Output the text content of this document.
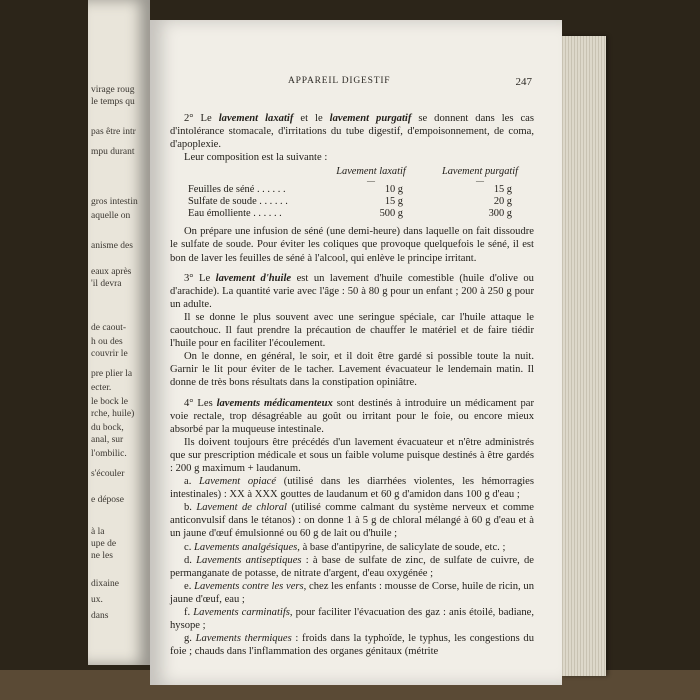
virage roug
le temps qu
pas être intr
mpu durant
gros intestin
aquelle on
anisme des
eaux après
'il devra
de caout-
h ou des
couvrir le
pre plier la
ecter.
le bock le
rche, huile)
du bock,
anal, sur
l'ombilic.
s'écouler
e dépose
à la
upe de
ne les
dixaine
ux.
dans
APPAREIL DIGESTIF	247

2° Le lavement laxatif et le lavement purgatif se donnent dans les cas d'intolérance stomacale, d'irritations du tube digestif, d'empoisonnement, de coma, d'apoplexie.

Leur composition est la suivante :

	Lavement laxatif	Lavement purgatif
	—	—
Feuilles de séné . . . . . .	10 g	15 g
Sulfate de soude . . . . . .	15 g	20 g
Eau émolliente . . . . . .	500 g	300 g

On prépare une infusion de séné (une demi-heure) dans laquelle on fait dissoudre le sulfate de soude. Pour éviter les coliques que provoque quelquefois le séné, il est bon de laver les feuilles de séné à l'alcool, qui enlève le principe irritant.

3° Le lavement d'huile est un lavement d'huile comestible (huile d'olive ou d'arachide). La quantité varie avec l'âge : 50 à 80 g pour un enfant ; 200 à 250 g pour un adulte.

Il se donne le plus souvent avec une seringue spéciale, car l'huile attaque le caoutchouc. Il faut prendre la précaution de chauffer le matériel et de faire tiédir l'huile pour en faciliter l'écoulement.

On le donne, en général, le soir, et il doit être gardé si possible toute la nuit. Garnir le lit pour éviter de le tacher. Lavement évacuateur le lendemain matin. Il donne de très bons résultats dans la constipation opiniâtre.

4° Les lavements médicamenteux sont destinés à introduire un médicament par voie rectale, trop désagréable au goût ou irritant pour le foie, ou encore mieux absorbé par la muqueuse intestinale.

Ils doivent toujours être précédés d'un lavement évacuateur et n'être administrés que sur prescription médicale et sous un faible volume puisque destinés à être gardés : 200 g maximum + laudanum.

a. Lavement opiacé (utilisé dans les diarrhées violentes, les hémorragies intestinales) : XX à XXX gouttes de laudanum et 60 g d'amidon dans 100 g d'eau ;

b. Lavement de chloral (utilisé comme calmant du système nerveux et comme anticonvulsif dans le tétanos) : on donne 1 à 5 g de chloral mélangé à 60 g d'eau et à un jaune d'œuf émulsionné ou 60 g de lait ou d'huile ;

c. Lavements analgésiques, à base d'antipyrine, de salicylate de soude, etc. ;

d. Lavements antiseptiques : à base de sulfate de zinc, de sulfate de cuivre, de permanganate de potasse, de nitrate d'argent, d'eau oxygénée ;

e. Lavements contre les vers, chez les enfants : mousse de Corse, huile de ricin, un jaune d'œuf, eau ;

f. Lavements carminatifs, pour faciliter l'évacuation des gaz : anis étoilé, badiane, hysope ;

g. Lavements thermiques : froids dans la typhoïde, le typhus, les congestions du foie ; chauds dans l'inflammation des organes génitaux (métrite
